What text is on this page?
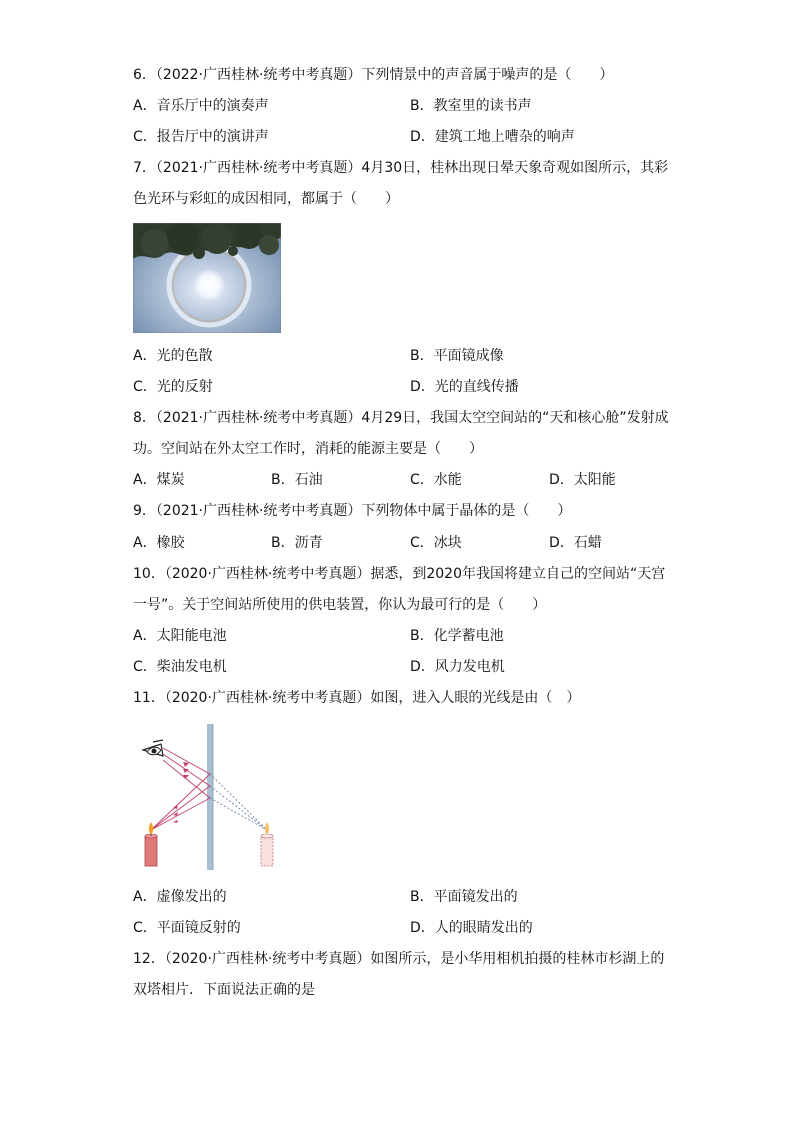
6．（2022·广西桂林·统考中考真题）下列情景中的声音属于噪声的是（　　）
A．音乐厅中的演奏声	B．教室里的读书声
C．报告厅中的演讲声	D．建筑工地上嘈杂的响声
7．（2021·广西桂林·统考中考真题）4月30日，桂林出现日晕天象奇观如图所示，其彩色光环与彩虹的成因相同，都属于（　　）
A．光的色散	B．平面镜成像
C．光的反射	D．光的直线传播
8．（2021·广西桂林·统考中考真题）4月29日，我国太空空间站的“天和核心舱”发射成功。空间站在外太空工作时，消耗的能源主要是（　　）
A．煤炭	B．石油	C．水能	D．太阳能
9．（2021·广西桂林·统考中考真题）下列物体中属于晶体的是（　　）
A．橡胶	B．沥青	C．冰块	D．石蜡
10．（2020·广西桂林·统考中考真题）据悉，到2020年我国将建立自己的空间站“天宫一号”。关于空间站所使用的供电装置，你认为最可行的是（　　）
A．太阳能电池	B．化学蓄电池
C．柴油发电机	D．风力发电机
11．（2020·广西桂林·统考中考真题）如图，进入人眼的光线是由（　）
A．虚像发出的	B．平面镜发出的
C．平面镜反射的	D．人的眼睛发出的
12．（2020·广西桂林·统考中考真题）如图所示，是小华用相机拍摄的桂林市杉湖上的双塔相片．下面说法正确的是
